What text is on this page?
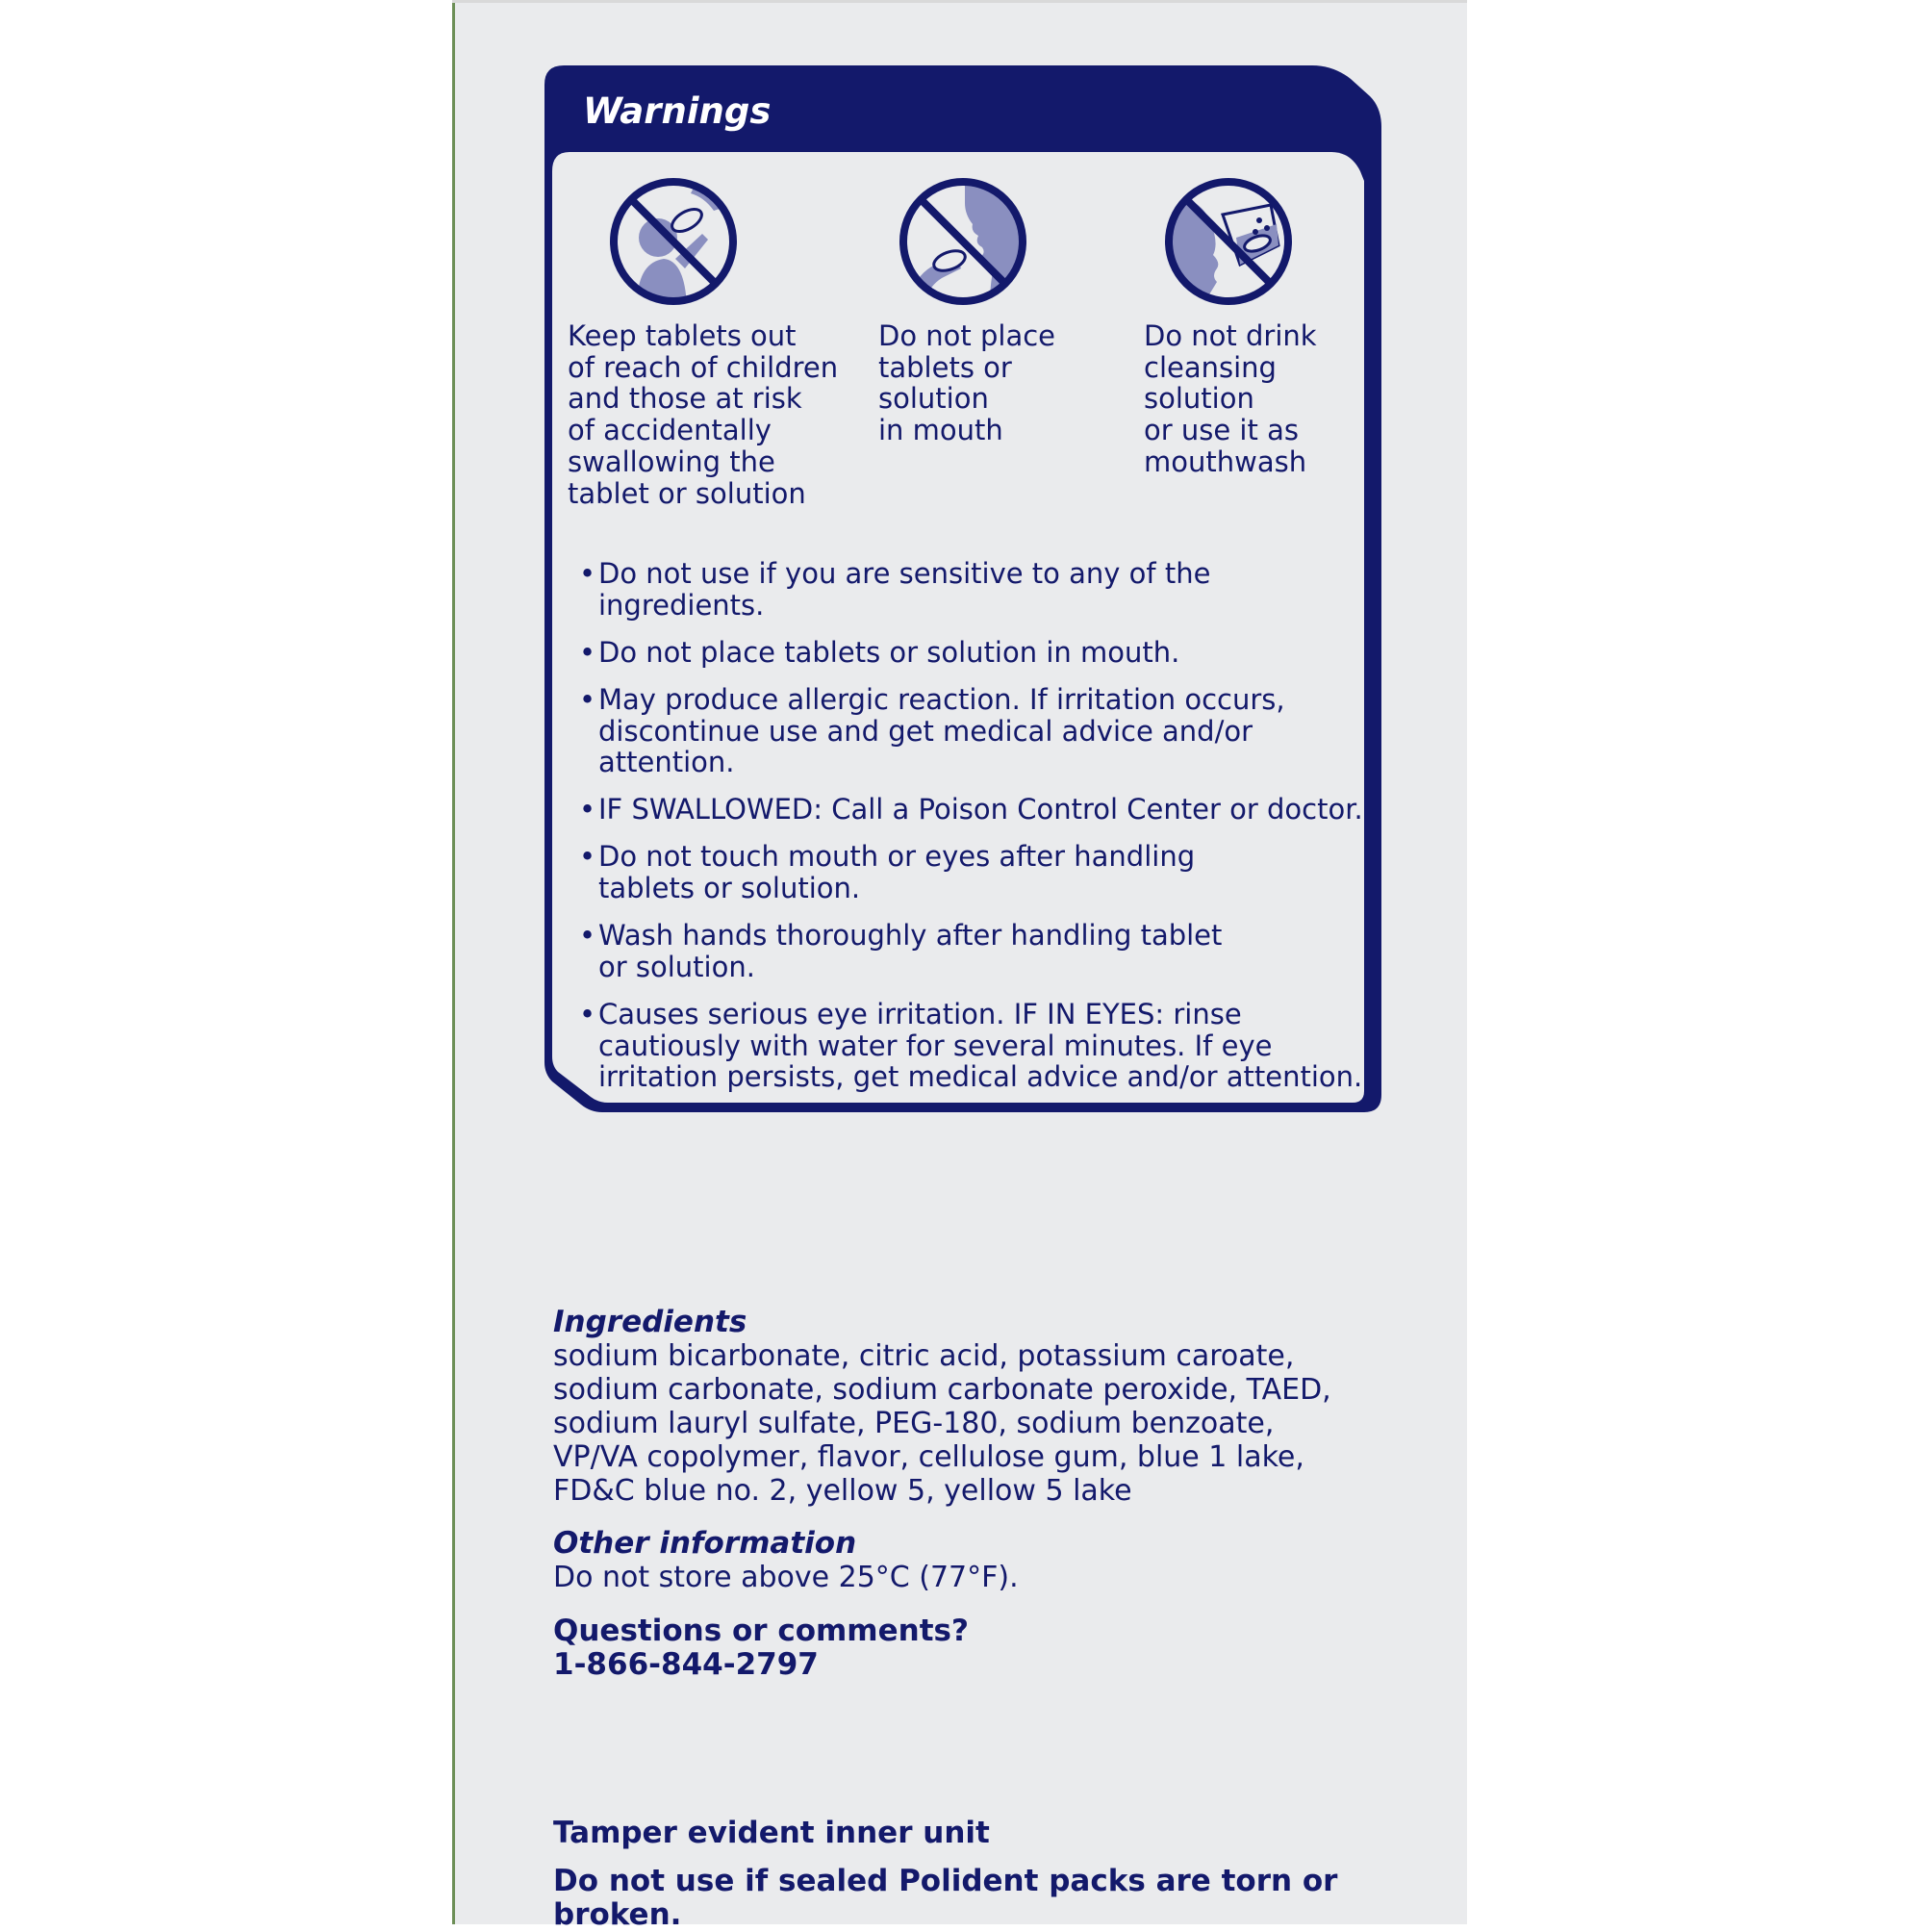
Warnings
Keep tablets out
of reach of children
and those at risk
of accidentally
swallowing the
tablet or solution
Do not place
tablets or
solution
in mouth
Do not drink
cleansing
solution
or use it as
mouthwash
• Do not use if you are sensitive to any of the ingredients.
• Do not place tablets or solution in mouth.
• May produce allergic reaction. If irritation occurs, discontinue use and get medical advice and/or attention.
• IF SWALLOWED: Call a Poison Control Center or doctor.
• Do not touch mouth or eyes after handling tablets or solution.
• Wash hands thoroughly after handling tablet or solution.
• Causes serious eye irritation. IF IN EYES: rinse cautiously with water for several minutes. If eye irritation persists, get medical advice and/or attention.
Ingredients
sodium bicarbonate, citric acid, potassium caroate,
sodium carbonate, sodium carbonate peroxide, TAED,
sodium lauryl sulfate, PEG-180, sodium benzoate,
VP/VA copolymer, flavor, cellulose gum, blue 1 lake,
FD&C blue no. 2, yellow 5, yellow 5 lake
Other information
Do not store above 25°C (77°F).
Questions or comments?
1-866-844-2797
Tamper evident inner unit
Do not use if sealed Polident packs are torn or broken.
